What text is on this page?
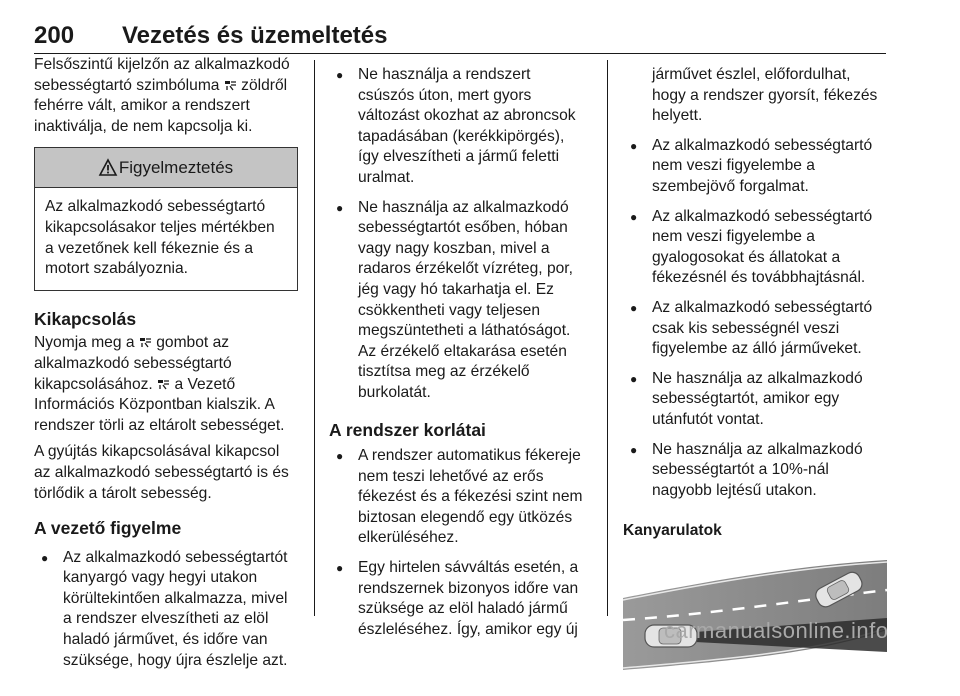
200 Vezetés és üzemeltetés
Felsőszintű kijelzőn az alkalmazkodó
sebességtartó szimbóluma zöldről
fehérre vált, amikor a rendszert
inaktiválja, de nem kapcsolja ki.
Figyelmeztetés
Az alkalmazkodó sebességtartó
kikapcsolásakor teljes mértékben
a vezetőnek kell fékeznie és a
motort szabályoznia.
Kikapcsolás
Nyomja meg a gombot az
alkalmazkodó sebességtartó
kikapcsolásához. a Vezető
Információs Központban kialszik. A
rendszer törli az eltárolt sebességet.

A gyújtás kikapcsolásával kikapcsol
az alkalmazkodó sebességtartó is és
törlődik a tárolt sebesség.

A vezető figyelme
● Az alkalmazkodó sebességtartót
kanyargó vagy hegyi utakon
körültekintően alkalmazza, mivel
a rendszer elveszítheti az elöl
haladó járművet, és időre van
szüksége, hogy újra észlelje azt.
● Ne használja a rendszert
csúszós úton, mert gyors
változást okozhat az abroncsok
tapadásában (kerékkipörgés),
így elveszítheti a jármű feletti
uralmat.
● Ne használja az alkalmazkodó
sebességtartót esőben, hóban
vagy nagy koszban, mivel a
radaros érzékelőt vízréteg, por,
jég vagy hó takarhatja el. Ez
csökkentheti vagy teljesen
megszüntetheti a láthatóságot.
Az érzékelő eltakarása esetén
tisztítsa meg az érzékelő
burkolatát.
A rendszer korlátai
● A rendszer automatikus fékereje
nem teszi lehetővé az erős
fékezést és a fékezési szint nem
biztosan elegendő egy ütközés
elkerüléséhez.
● Egy hirtelen sávváltás esetén, a
rendszernek bizonyos időre van
szüksége az elöl haladó jármű
észleléséhez. Így, amikor egy új
járművet észlel, előfordulhat,
hogy a rendszer gyorsít, fékezés
helyett.
● Az alkalmazkodó sebességtartó
nem veszi figyelembe a
szembejövő forgalmat.
● Az alkalmazkodó sebességtartó
nem veszi figyelembe a
gyalogosokat és állatokat a
fékezésnél és továbbhajtásnál.
● Az alkalmazkodó sebességtartó
csak kis sebességnél veszi
figyelembe az álló járműveket.
● Ne használja az alkalmazkodó
sebességtartót, amikor egy
utánfutót vontat.
● Ne használja az alkalmazkodó
sebességtartót a 10%-nál
nagyobb lejtésű utakon.
Kanyarulatok
carmanualsonline.info
